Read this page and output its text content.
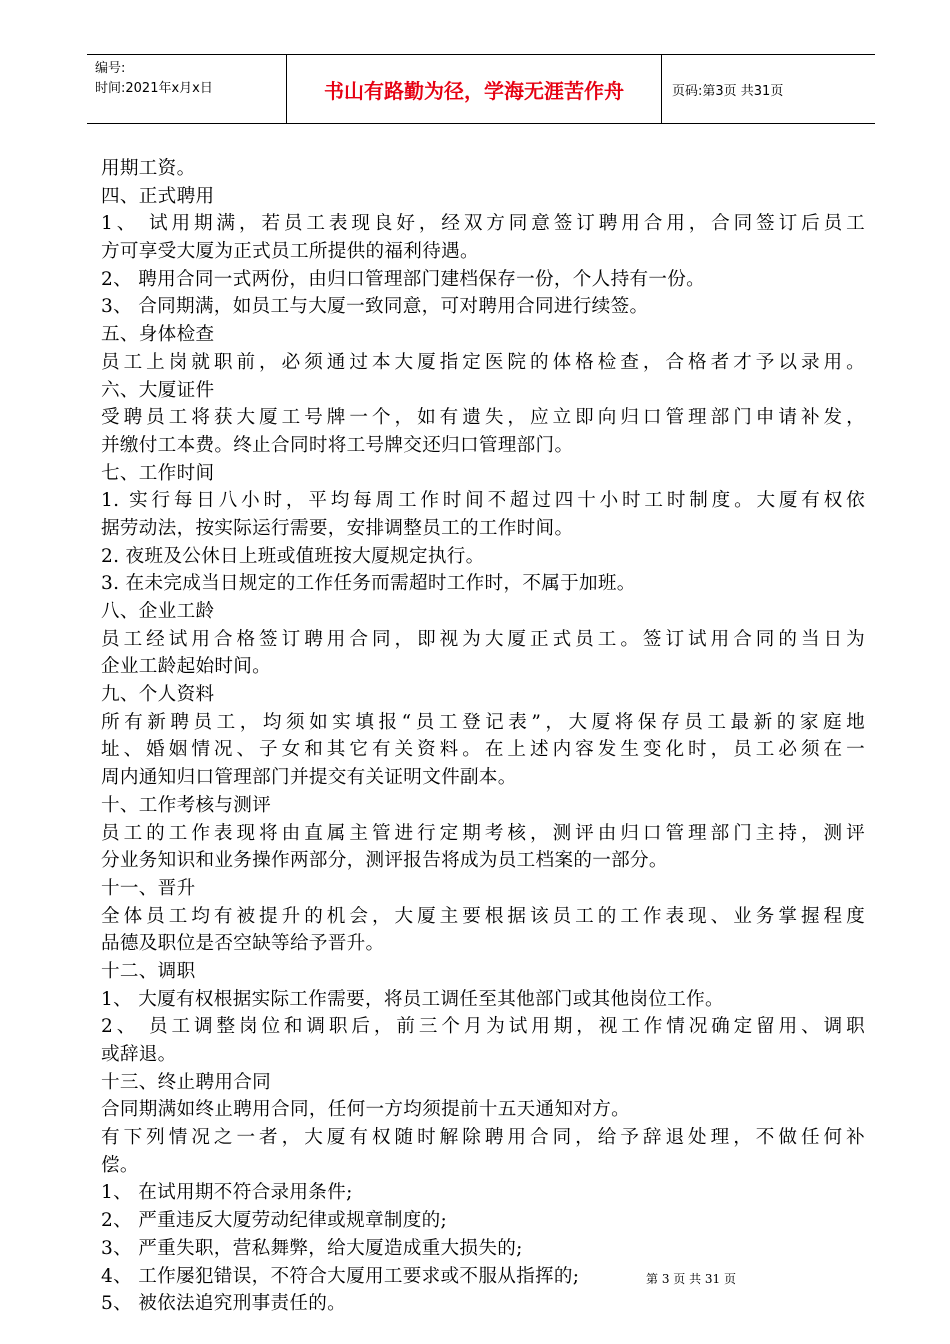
编号:
时间:2021年x月x日	书山有路勤为径，学海无涯苦作舟	页码:第3页 共31页
用期工资。
四、正式聘用
1、 试用期满，若员工表现良好，经双方同意签订聘用合用，合同签订后员工
方可享受大厦为正式员工所提供的福利待遇。
2、 聘用合同一式两份，由归口管理部门建档保存一份，个人持有一份。
3、 合同期满，如员工与大厦一致同意，可对聘用合同进行续签。
五、身体检查
员工上岗就职前，必须通过本大厦指定医院的体格检查，合格者才予以录用。
六、大厦证件
受聘员工将获大厦工号牌一个，如有遗失，应立即向归口管理部门申请补发，
并缴付工本费。终止合同时将工号牌交还归口管理部门。
七、工作时间
1. 实行每日八小时，平均每周工作时间不超过四十小时工时制度。大厦有权依
据劳动法，按实际运行需要，安排调整员工的工作时间。
2. 夜班及公休日上班或值班按大厦规定执行。
3. 在未完成当日规定的工作任务而需超时工作时，不属于加班。
八、企业工龄
员工经试用合格签订聘用合同，即视为大厦正式员工。签订试用合同的当日为
企业工龄起始时间。
九、个人资料
所有新聘员工，均须如实填报“员工登记表”，大厦将保存员工最新的家庭地
址、婚姻情况、子女和其它有关资料。在上述内容发生变化时，员工必须在一
周内通知归口管理部门并提交有关证明文件副本。
十、工作考核与测评
员工的工作表现将由直属主管进行定期考核，测评由归口管理部门主持，测评
分业务知识和业务操作两部分，测评报告将成为员工档案的一部分。
十一、晋升
全体员工均有被提升的机会，大厦主要根据该员工的工作表现、业务掌握程度
品德及职位是否空缺等给予晋升。
十二、调职
1、 大厦有权根据实际工作需要，将员工调任至其他部门或其他岗位工作。
2、 员工调整岗位和调职后，前三个月为试用期，视工作情况确定留用、调职
或辞退。
十三、终止聘用合同
合同期满如终止聘用合同，任何一方均须提前十五天通知对方。
有下列情况之一者，大厦有权随时解除聘用合同，给予辞退处理，不做任何补
偿。
1、 在试用期不符合录用条件;
2、 严重违反大厦劳动纪律或规章制度的;
3、 严重失职，营私舞弊，给大厦造成重大损失的;
4、 工作屡犯错误，不符合大厦用工要求或不服从指挥的;
5、 被依法追究刑事责任的。
第 3 页 共 31 页
